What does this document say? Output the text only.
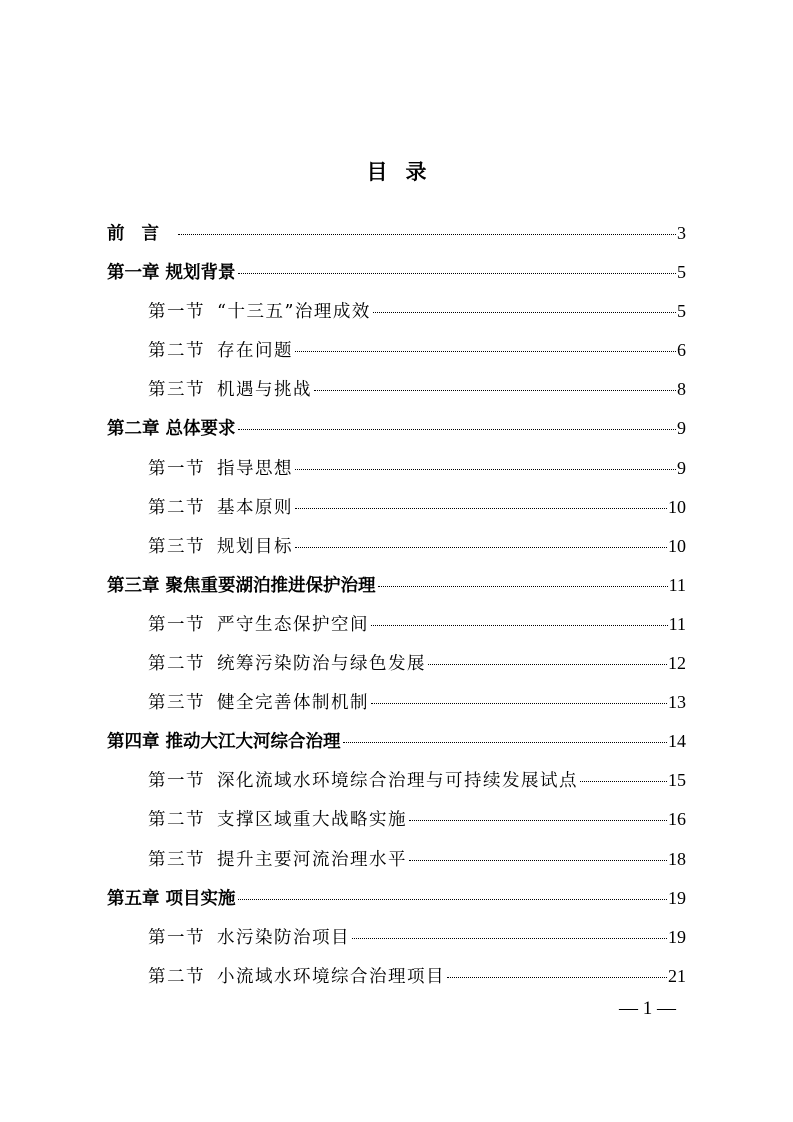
目录
前言	3
第一章 规划背景	5
第一节 “十三五”治理成效	5
第二节 存在问题	6
第三节 机遇与挑战	8
第二章 总体要求	9
第一节 指导思想	9
第二节 基本原则	10
第三节 规划目标	10
第三章 聚焦重要湖泊推进保护治理	11
第一节 严守生态保护空间	11
第二节 统筹污染防治与绿色发展	12
第三节 健全完善体制机制	13
第四章 推动大江大河综合治理	14
第一节 深化流域水环境综合治理与可持续发展试点	15
第二节 支撑区域重大战略实施	16
第三节 提升主要河流治理水平	18
第五章 项目实施	19
第一节 水污染防治项目	19
第二节 小流域水环境综合治理项目	21
— 1 —
